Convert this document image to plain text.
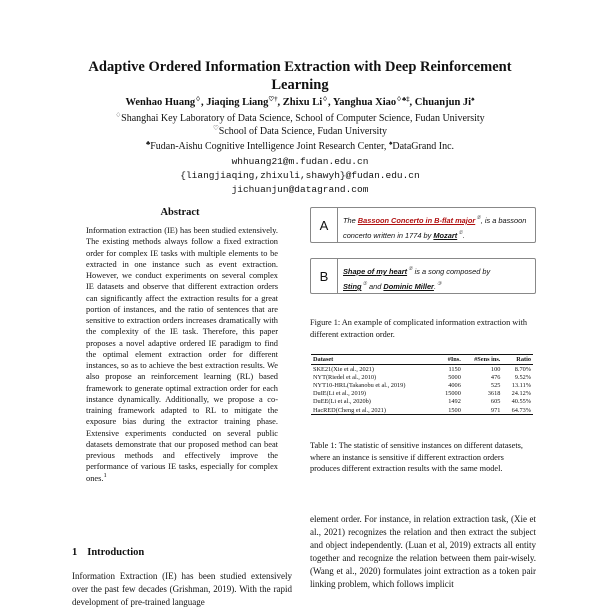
Adaptive Ordered Information Extraction with Deep Reinforcement Learning
Wenhao Huang♢, Jiaqing Liang♡†, Zhixu Li♢, Yanghua Xiao♢♣‡, Chuanjun Ji♠
♢Shanghai Key Laboratory of Data Science, School of Computer Science, Fudan University
♡School of Data Science, Fudan University
♣Fudan-Aishu Cognitive Intelligence Joint Research Center, ♠DataGrand Inc.
whhuang21@m.fudan.edu.cn
{liangjiaqing,zhixuli,shawyh}@fudan.edu.cn
jichuanjun@datagrand.com
Abstract
Information extraction (IE) has been studied extensively. The existing methods always follow a fixed extraction order for complex IE tasks with multiple elements to be extracted in one instance such as event extraction. However, we conduct experiments on several complex IE datasets and observe that different extraction orders can significantly affect the extraction results for a great portion of instances, and the ratio of sentences that are sensitive to extraction orders increases dramatically with the complexity of the IE task. Therefore, this paper proposes a novel adaptive ordered IE paradigm to find the optimal element extraction order for different instances, so as to achieve the best extraction results. We also propose an reinforcement learning (RL) based framework to generate optimal extraction order for each instance dynamically. Additionally, we propose a co-training framework adapted to RL to mitigate the exposure bias during the extractor training phase. Extensive experiments conducted on several public datasets demonstrate that our proposed method can beat previous methods and effectively improve the performance of various IE tasks, especially for complex ones.$^1$
1 Introduction
Information Extraction (IE) has been studied extensively over the past few decades (Grishman, 2019). With the rapid development of pre-trained language
A	The Bassoon Concerto in B-flat major②, is a bassoon concerto written in 1774 by Mozart①.
B	Shape of my heart② is a song composed by
Sting① and Dominic Miller.③
Figure 1: An example of complicated information extraction with different extraction order.
Dataset	#Ins.	#Sens ins.	Ratio
SKE21(Xie et al., 2021)	1150	100	8.70%
NYT(Riedel et al., 2010)	5000	476	9.52%
NYT10-HRL(Takanobu et al., 2019)	4006	525	13.11%
DuIE(Li et al., 2019)	15000	3618	24.12%
DuEE(Li et al., 2020b)	1492	605	40.55%
HacRED(Cheng et al., 2021)	1500	971	64.73%
Table 1: The statistic of sensitive instances on different datasets, where an instance is sensitive if different extraction orders produces different extraction results with the same model.
element order. For instance, in relation extraction task, (Xie et al., 2021) recognizes the relation and then extract the subject and object independently. (Luan et al, 2019) extracts all entity together and recognize the relation between them pair-wisely. (Wang et al., 2020) formulates joint extraction as a token pair linking problem, which follows implicit
